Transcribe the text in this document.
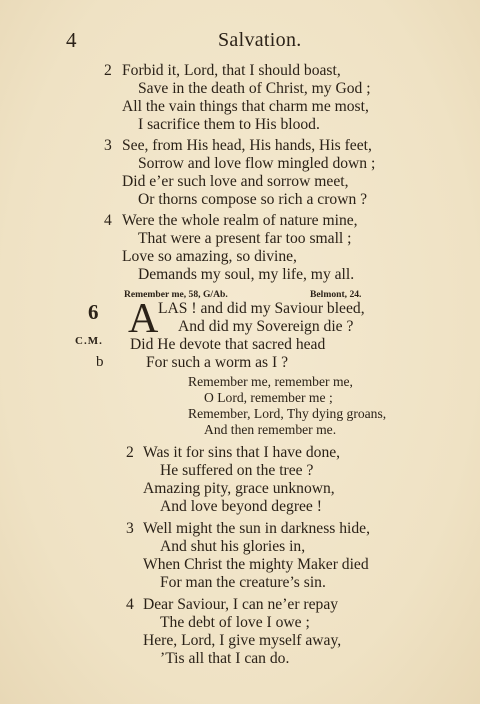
4	Salvation.
2 Forbid it, Lord, that I should boast,
Save in the death of Christ, my God ;
All the vain things that charm me most,
I sacrifice them to His blood.
3 See, from His head, His hands, His feet,
Sorrow and love flow mingled down ;
Did e’er such love and sorrow meet,
Or thorns compose so rich a crown ?
4 Were the whole realm of nature mine,
That were a present far too small ;
Love so amazing, so divine,
Demands my soul, my life, my all.
Remember me, 58, G/Ab.	Belmont, 24.
6
C.M.
b
A LAS ! and did my Saviour bleed,
And did my Sovereign die ?
Did He devote that sacred head
For such a worm as I ?
Remember me, remember me,
O Lord, remember me ;
Remember, Lord, Thy dying groans,
And then remember me.
2 Was it for sins that I have done,
He suffered on the tree ?
Amazing pity, grace unknown,
And love beyond degree !
3 Well might the sun in darkness hide,
And shut his glories in,
When Christ the mighty Maker died
For man the creature’s sin.
4 Dear Saviour, I can ne’er repay
The debt of love I owe ;
Here, Lord, I give myself away,
’Tis all that I can do.
